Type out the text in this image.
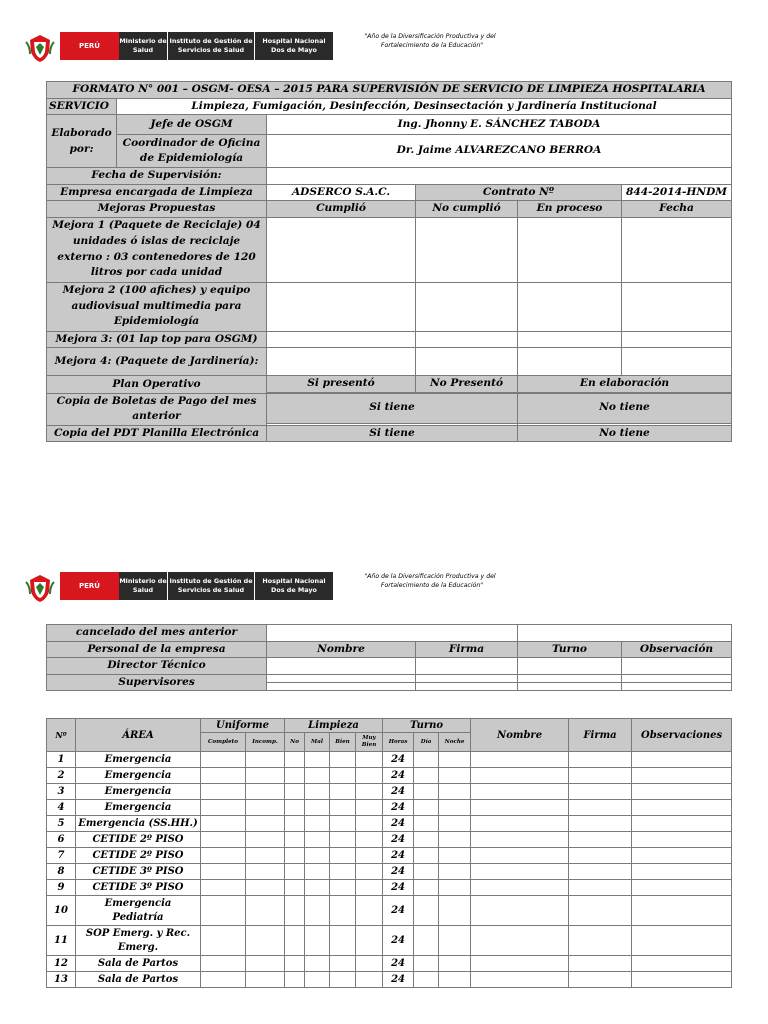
PERÚ
Ministerio de Salud
Instituto de Gestión de Servicios de Salud
Hospital Nacional Dos de Mayo
"Año de la Diversificación Productiva y del
Fortalecimiento de la Educación"
FORMATO N° 001 – OSGM- OESA – 2015 PARA SUPERVISIÓN DE SERVICIO DE LIMPIEZA HOSPITALARIA					
SERVICIO	Limpieza, Fumigación, Desinfección, Desinsectación y Jardinería Institucional				
Elaborado por:	Jefe de OSGM	Ing. Jhonny E. SÁNCHEZ TABODA			
	Coordinador de Oficina de Epidemiología	Dr. Jaime ALVAREZCANO BERROA			
Fecha de Supervisión:					
Empresa encargada de Limpieza		ADSERCO S.A.C.	Contrato Nº		844-2014-HNDM
Mejoras Propuestas		Cumplió	No cumplió	En proceso	Fecha
Mejora 1 (Paquete de Reciclaje) 04 unidades ó islas de reciclaje externo : 03 contenedores de 120 litros por cada unidad					
Mejora 2 (100 afiches) y equipo audiovisual multimedia para Epidemiología					
Mejora 3: (01 lap top para OSGM)					
Mejora 4: (Paquete de Jardinería):					
Plan Operativo		Si presentó	No Presentó	En elaboración	

Copia de Boletas de Pago del mes anterior		Si tiene		No tiene	

Copia del PDT Planilla Electrónica		Si tiene		No tiene	
PERÚ
Ministerio de Salud
Instituto de Gestión de Servicios de Salud
Hospital Nacional Dos de Mayo
"Año de la Diversificación Productiva y del
Fortalecimiento de la Educación"
cancelado del mes anterior				
Personal de la empresa	Nombre	Firma	Turno	Observación
Director Técnico				
Supervisores				

Nº	ÁREA	Uniforme		Limpieza				Turno			Nombre	Firma	Observaciones
		Completo	Incomp.	No	Mal	Bien	Muy Bien	Horas	Día	Noche			
1	Emergencia							24					
2	Emergencia							24					
3	Emergencia							24					
4	Emergencia							24					
5	Emergencia (SS.HH.)							24					
6	CETIDE 2º PISO							24					
7	CETIDE 2º PISO							24					
8	CETIDE 3º PISO							24					
9	CETIDE 3º PISO							24					
10	Emergencia Pediatría							24					
11	SOP Emerg. y Rec. Emerg.							24					
12	Sala de Partos							24					
13	Sala de Partos							24					
